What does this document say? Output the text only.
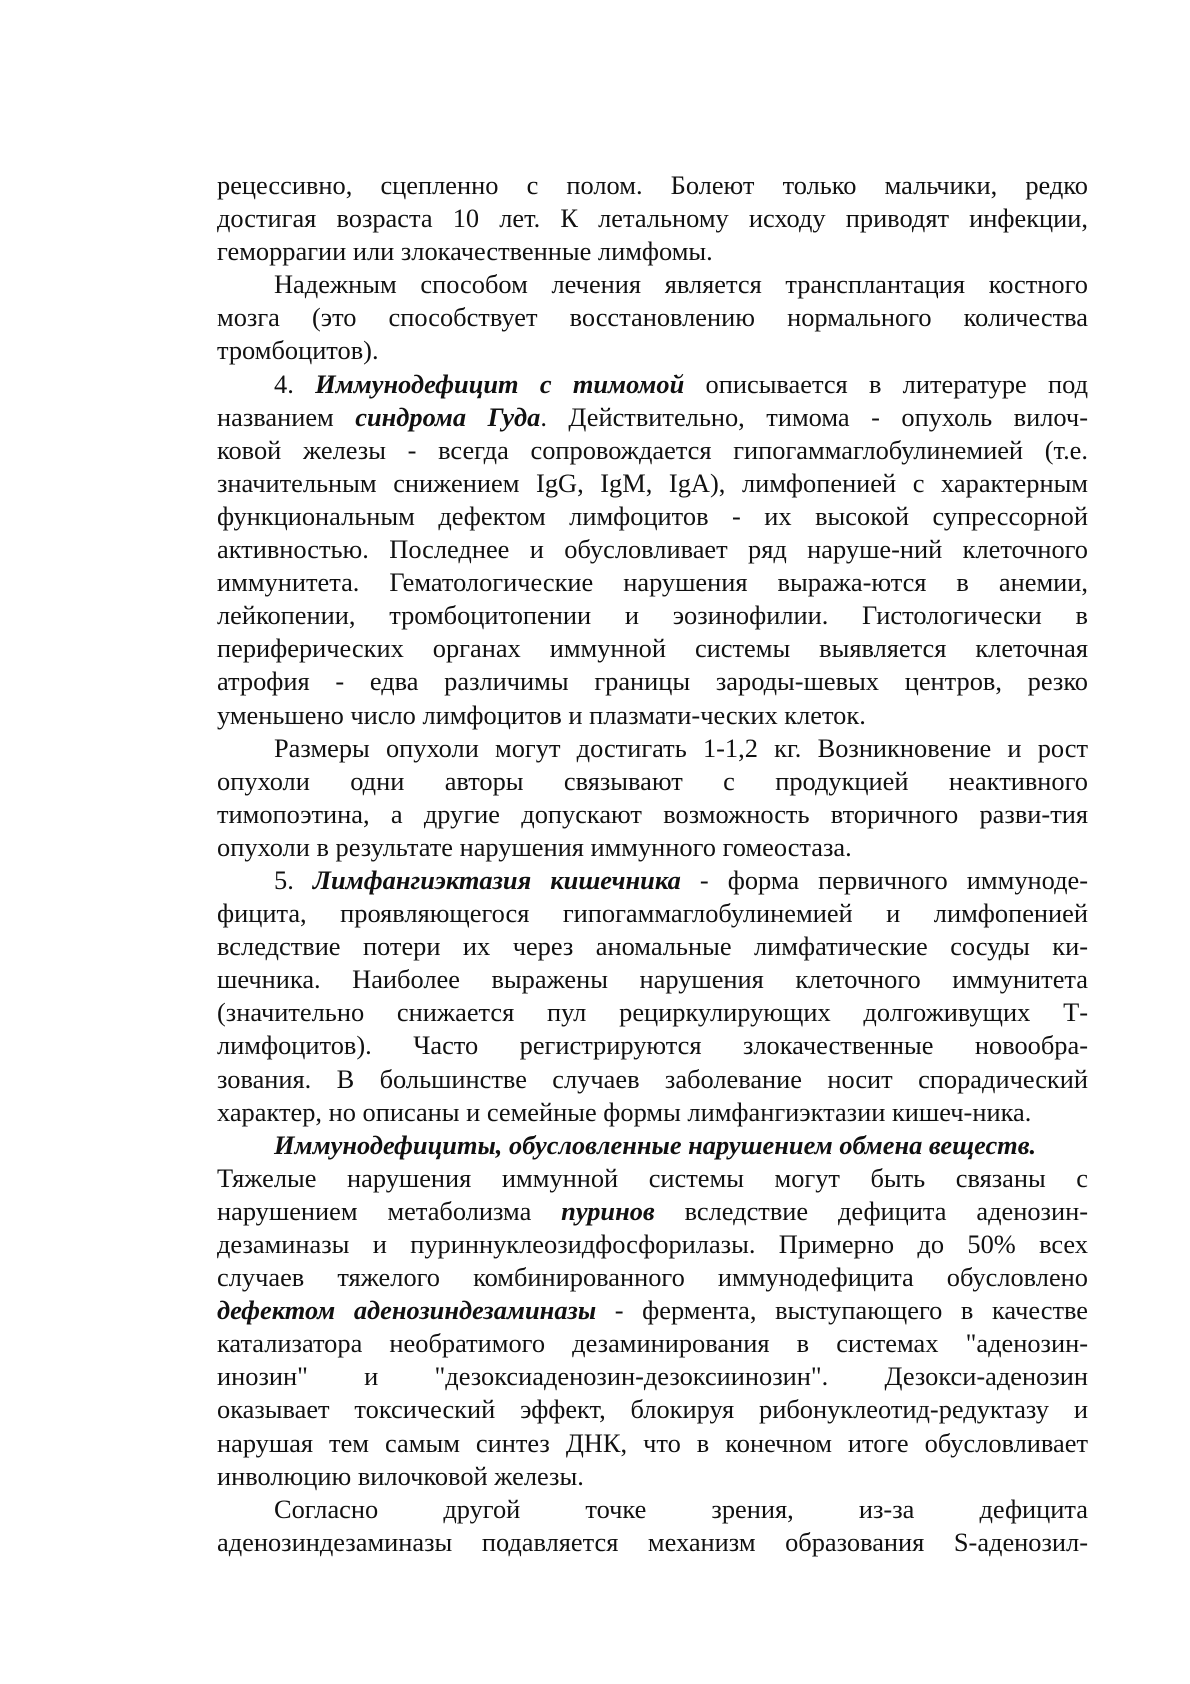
рецессивно, сцепленно с полом. Болеют только мальчики, редко
достигая возраста 10 лет. К летальному исходу приводят инфекции,
геморрагии или злокачественные лимфомы.
Надежным способом лечения является трансплантация костного
мозга (это способствует восстановлению нормального количества
тромбоцитов).
4. Иммунодефицит с тимомой описывается в литературе под
названием синдрома Гуда. Действительно, тимома - опухоль вилоч-
ковой железы - всегда сопровождается гипогаммаглобулинемией (т.е.
значительным снижением IgG, IgM, IgA), лимфопенией с характерным
функциональным дефектом лимфоцитов - их высокой супрессорной
активностью. Последнее и обусловливает ряд наруше-ний клеточного
иммунитета. Гематологические нарушения выража-ются в анемии,
лейкопении, тромбоцитопении и эозинофилии. Гистологически в
периферических органах иммунной системы выявляется клеточная
атрофия - едва различимы границы зароды-шевых центров, резко
уменьшено число лимфоцитов и плазмати-ческих клеток.
Размеры опухоли могут достигать 1-1,2 кг. Возникновение и рост
опухоли одни авторы связывают с продукцией неактивного
тимопоэтина, а другие допускают возможность вторичного разви-тия
опухоли в результате нарушения иммунного гомеостаза.
5. Лимфангиэктазия кишечника - форма первичного иммуноде-
фицита, проявляющегося гипогаммаглобулинемией и лимфопенией
вследствие потери их через аномальные лимфатические сосуды ки-
шечника. Наиболее выражены нарушения клеточного иммунитета
(значительно снижается пул рециркулирующих долгоживущих Т-
лимфоцитов). Часто регистрируются злокачественные новообра-
зования. В большинстве случаев заболевание носит спорадический
характер, но описаны и семейные формы лимфангиэктазии кишеч-ника.
Иммунодефициты, обусловленные нарушением обмена веществ.
Тяжелые нарушения иммунной системы могут быть связаны с
нарушением метаболизма пуринов вследствие дефицита аденозин-
дезаминазы и пуриннуклеозидфосфорилазы. Примерно до 50% всех
случаев тяжелого комбинированного иммунодефицита обусловлено
дефектом аденозиндезаминазы - фермента, выступающего в качестве
катализатора необратимого дезаминирования в системах "аденозин-
инозин" и "дезоксиаденозин-дезоксиинозин". Дезокси-аденозин
оказывает токсический эффект, блокируя рибонуклеотид-редуктазу и
нарушая тем самым синтез ДНК, что в конечном итоге обусловливает
инволюцию вилочковой железы.
Согласно другой точке зрения, из-за дефицита
аденозиндезаминазы подавляется механизм образования S-аденозил-
